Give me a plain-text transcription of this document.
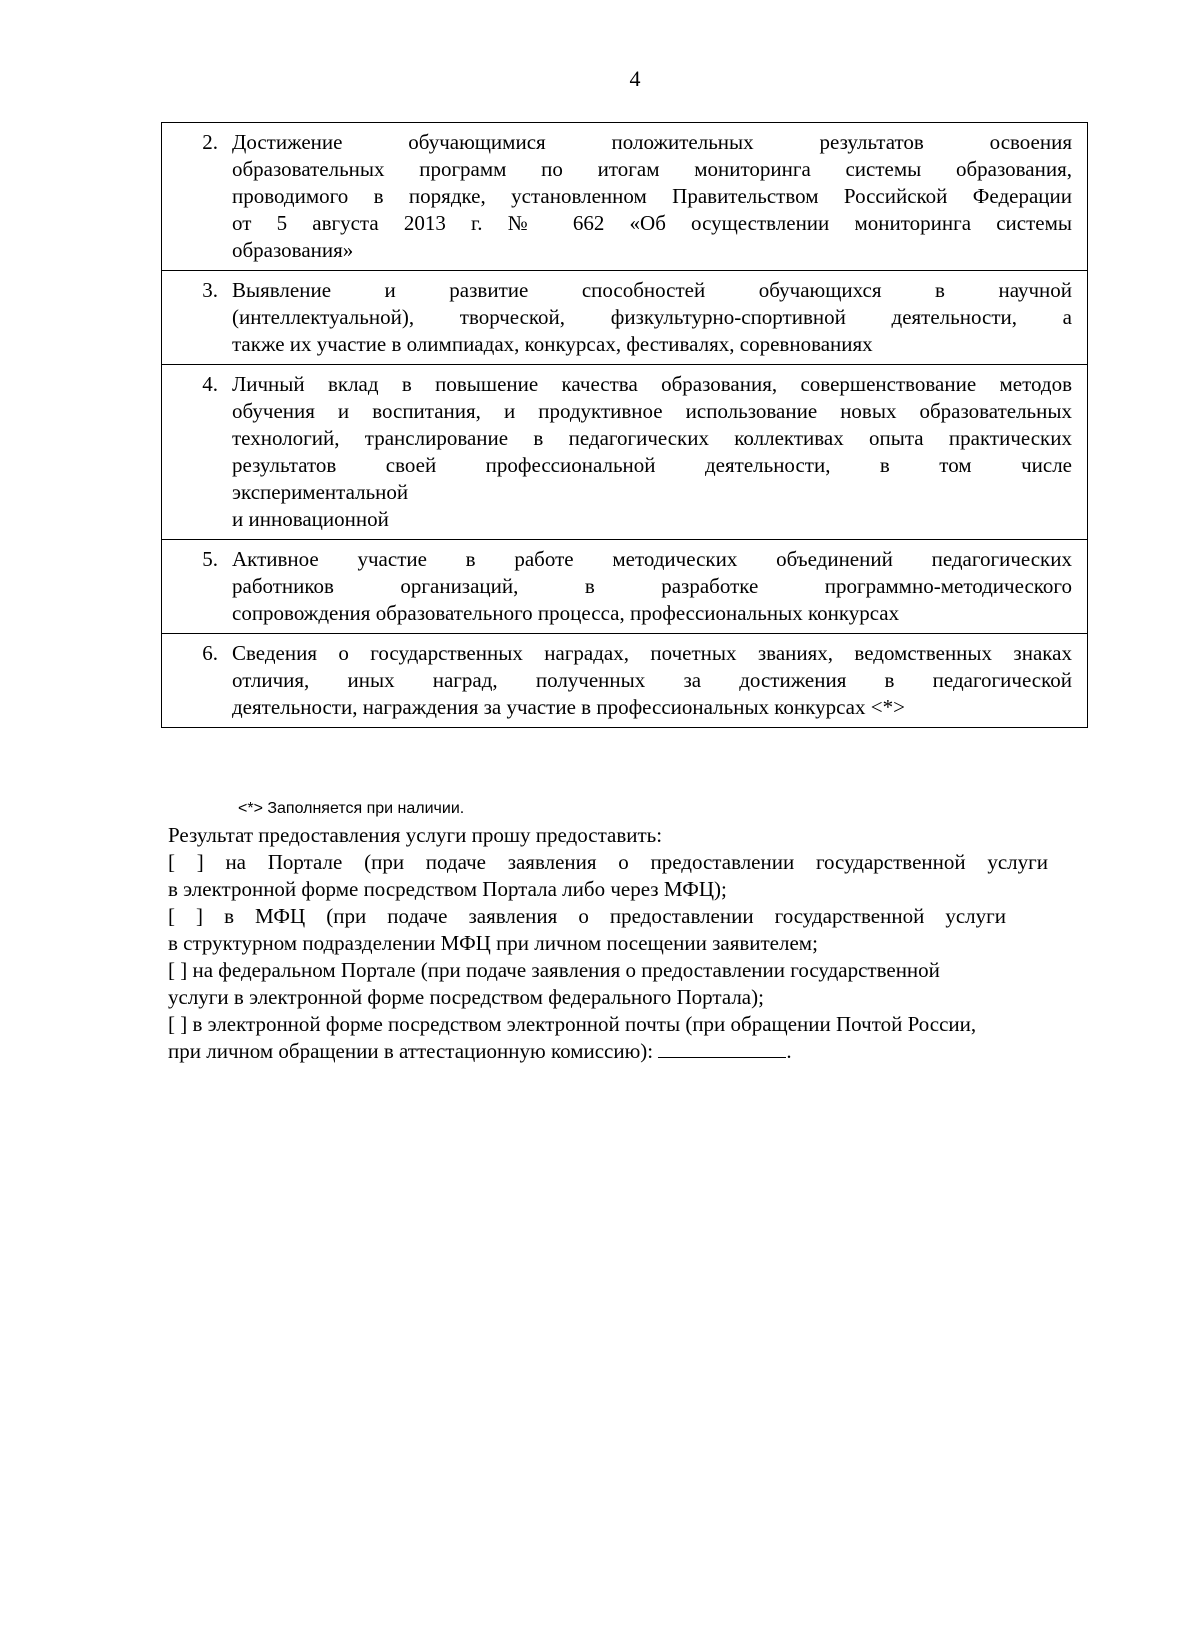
4
2. Достижение обучающимися положительных результатов освоения
образовательных программ по итогам мониторинга системы образования,
проводимого в порядке, установленном Правительством Российской Федерации
от 5 августа 2013 г. № 662 «Об осуществлении мониторинга системы
образования»
3. Выявление и развитие способностей обучающихся в научной
(интеллектуальной), творческой, физкультурно-спортивной деятельности, а
также их участие в олимпиадах, конкурсах, фестивалях, соревнованиях
4. Личный вклад в повышение качества образования, совершенствование методов
обучения и воспитания, и продуктивное использование новых образовательных
технологий, транслирование в педагогических коллективах опыта практических
результатов своей профессиональной деятельности, в том числе
экспериментальной
и инновационной
5. Активное участие в работе методических объединений педагогических
работников организаций, в разработке программно-методического
сопровождения образовательного процесса, профессиональных конкурсах
6. Сведения о государственных наградах, почетных званиях, ведомственных знаках
отличия, иных наград, полученных за достижения в педагогической
деятельности, награждения за участие в профессиональных конкурсах <*>
<*> Заполняется при наличии.
Результат предоставления услуги прошу предоставить:
[ ] на Порталe (при подаче заявления о предоставлении государственной услуги
в электронной форме посредством Портала либо через МФЦ);
[ ] в МФЦ (при подаче заявления о предоставлении государственной услуги
в структурном подразделении МФЦ при личном посещении заявителем;
[ ] на федеральном Портале (при подаче заявления о предоставлении государственной
услуги в электронной форме посредством федерального Портала);
[ ] в электронной форме посредством электронной почты (при обращении Почтой России,
при личном обращении в аттестационную комиссию):	.
